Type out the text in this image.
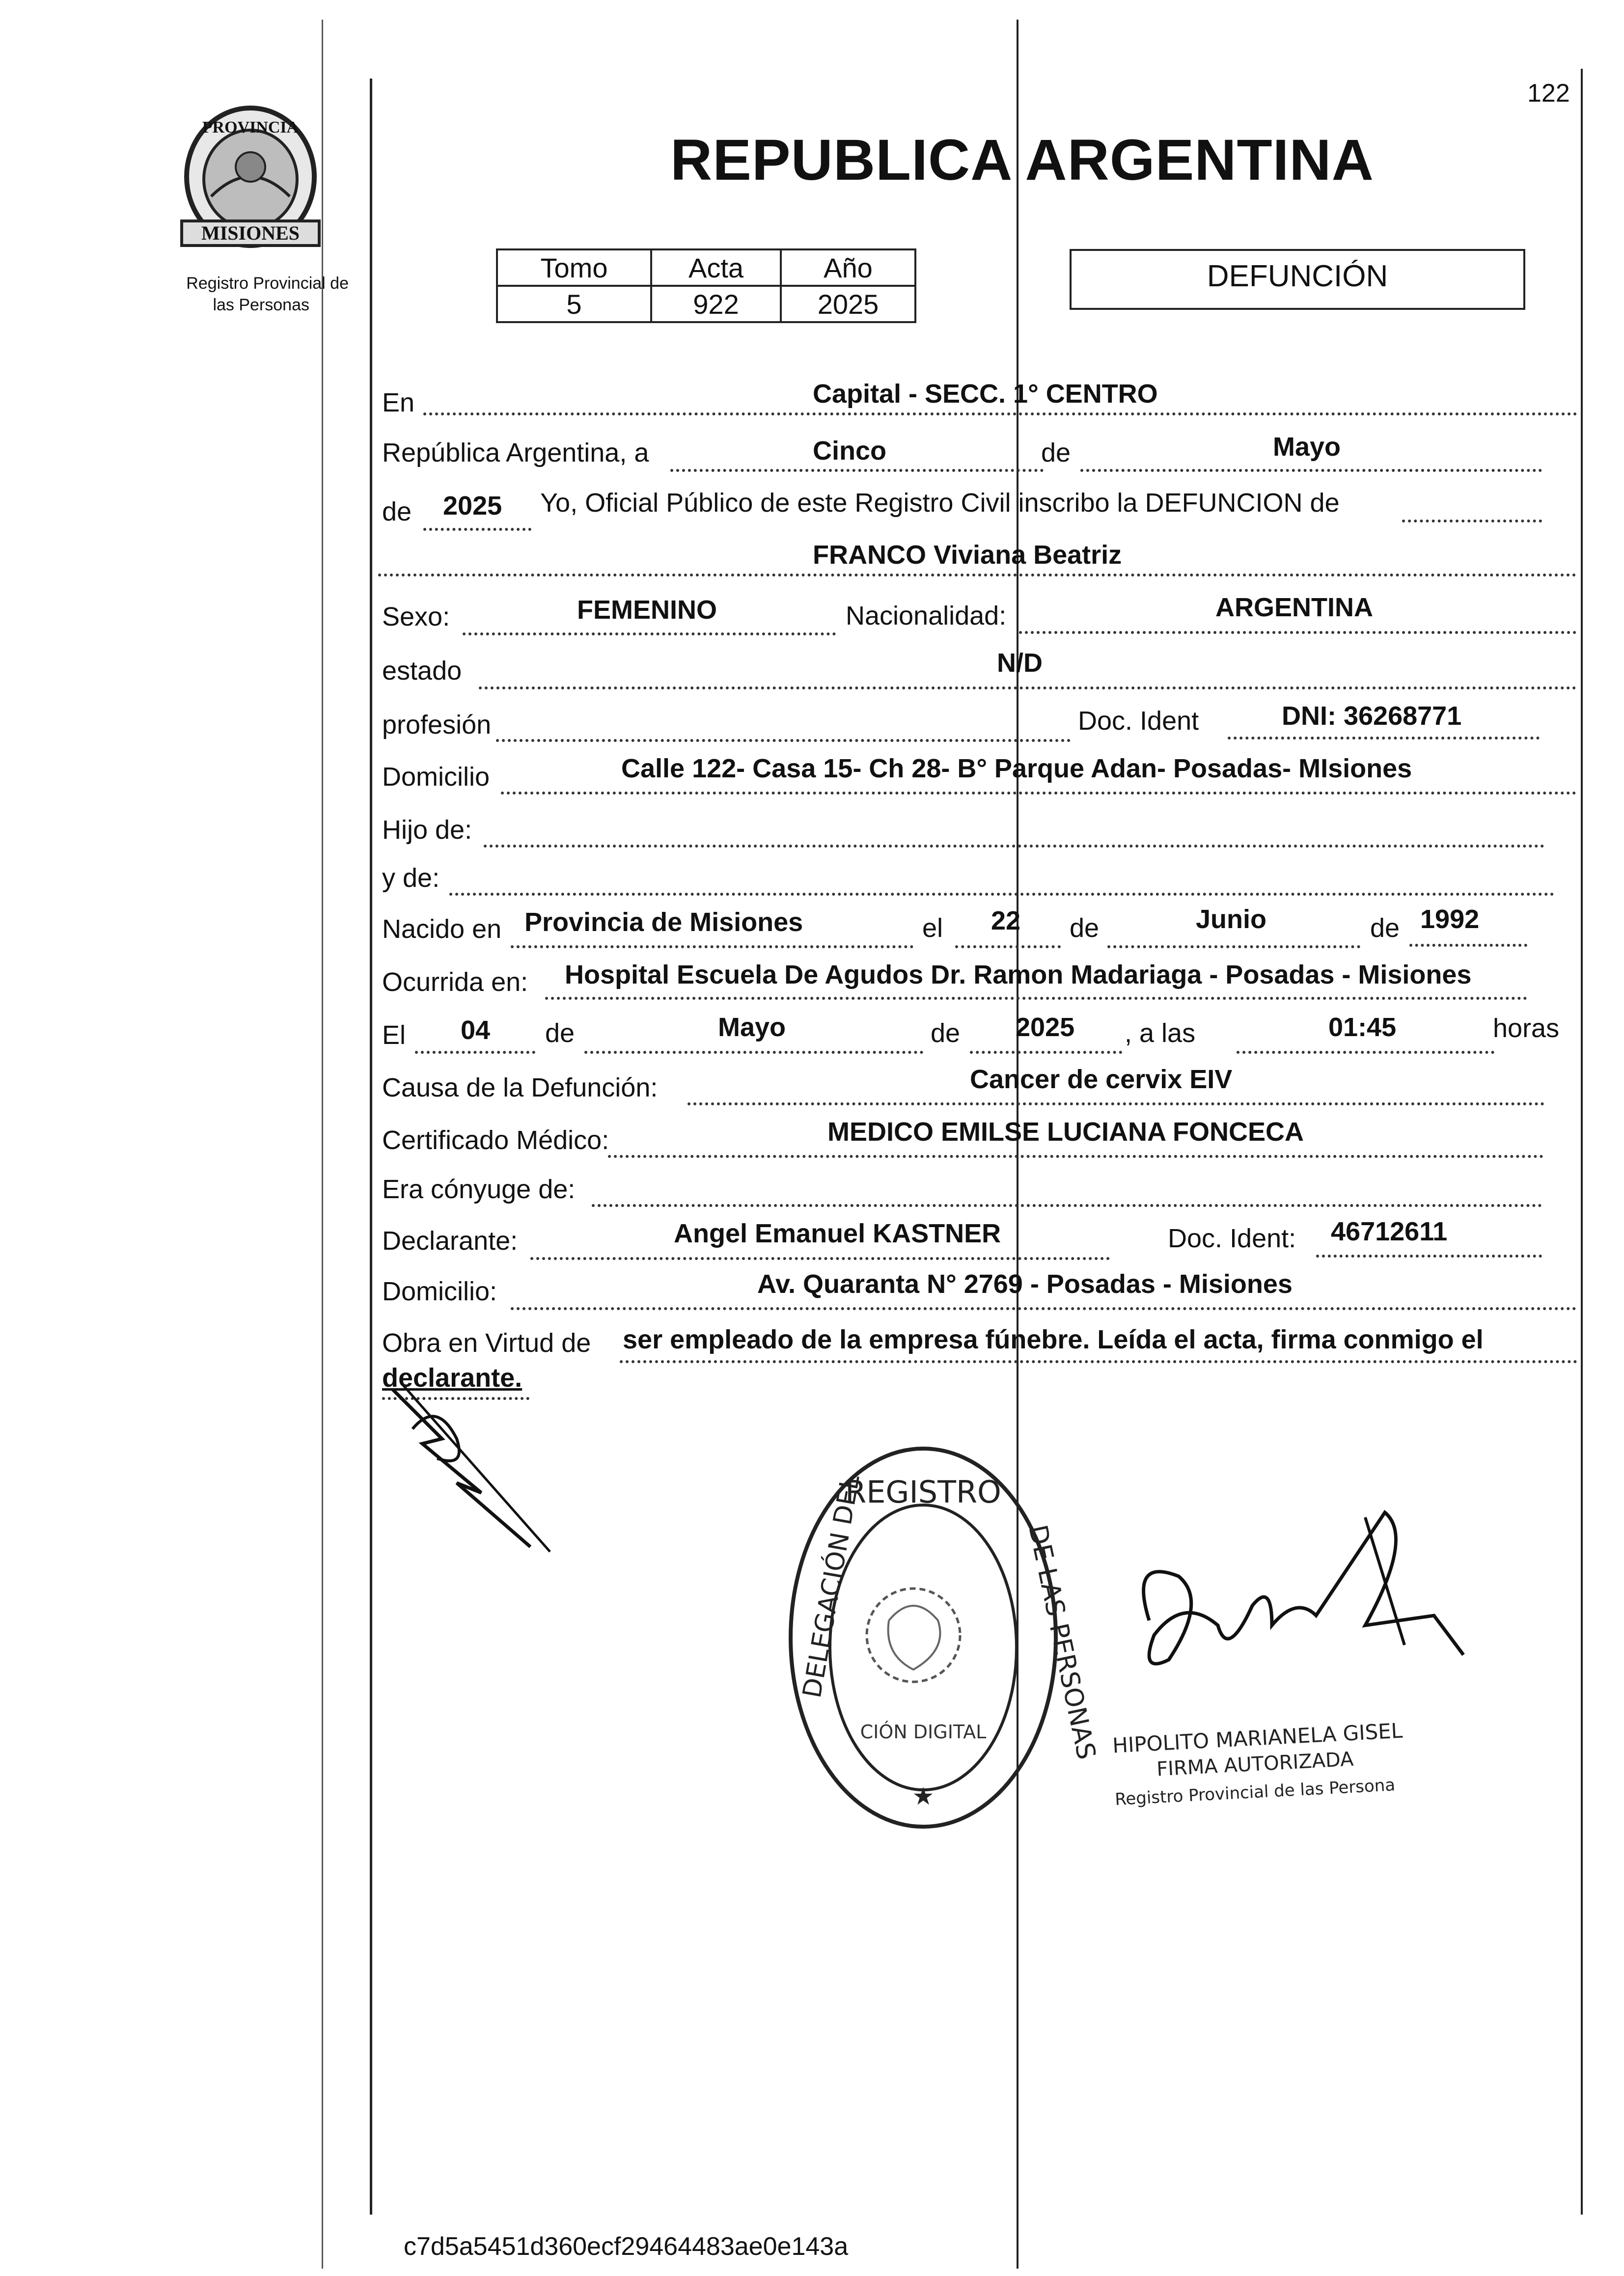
122
PROVINCIA
MISIONES
Registro Provincial de
las Personas
REPUBLICA ARGENTINA
Tomo	Acta	Año
5	922	2025
DEFUNCIÓN
En	Capital - SECC. 1° CENTRO
República Argentina, a	Cinco	de	Mayo
de 2025 Yo, Oficial Público de este Registro Civil inscribo la DEFUNCION de
FRANCO Viviana Beatriz
Sexo:	FEMENINO	Nacionalidad:	ARGENTINA
estado	N/D
profesión	Doc. Ident	DNI: 36268771
Domicilio	Calle 122- Casa 15- Ch 28- B° Parque Adan- Posadas- MIsiones
Hijo de:
y de:
Nacido en Provincia de Misiones	el 22 de	Junio	de 1992
Ocurrida en: Hospital Escuela De Agudos Dr. Ramon Madariaga - Posadas - Misiones
El 04 de	Mayo	de 2025 , a las	01:45	horas
Causa de la Defunción:	Cancer de cervix EIV
Certificado Médico:	MEDICO EMILSE LUCIANA FONCECA
Era cónyuge de:
Declarante:	Angel Emanuel KASTNER	Doc. Ident: 46712611
Domicilio:	Av. Quaranta N° 2769 - Posadas - Misiones
Obra en Virtud de ser empleado de la empresa fúnebre. Leída el acta, firma conmigo el
declarante.
REGISTRO
DELEGACIÓN DEL	DE LAS PERSONAS
CIÓN DIGITAL
★
HIPOLITO MARIANELA GISEL
FIRMA AUTORIZADA
Registro Provincial de las Persona
c7d5a5451d360ecf29464483ae0e143a
